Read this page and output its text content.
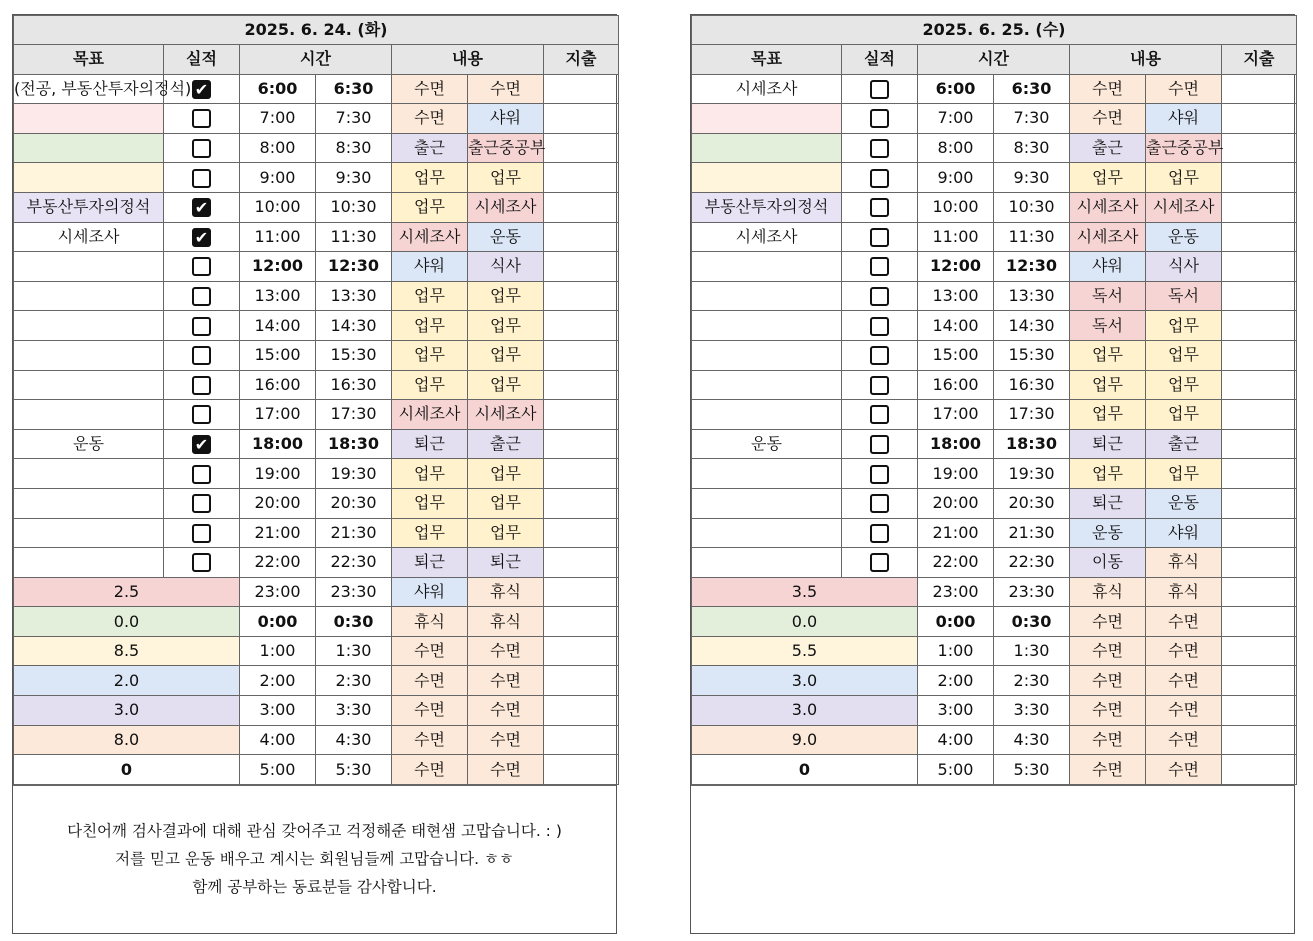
2025. 6. 24. (화)						
목표	실적	시간		내용		지출
(전공, 부동산투자의정석)	✔	6:00	6:30	수면	수면	
		7:00	7:30	수면	샤워	
		8:00	8:30	출근	출근중공부	
		9:00	9:30	업무	업무	
부동산투자의정석	✔	10:00	10:30	업무	시세조사	
시세조사	✔	11:00	11:30	시세조사	운동	
		12:00	12:30	샤워	식사	
		13:00	13:30	업무	업무	
		14:00	14:30	업무	업무	
		15:00	15:30	업무	업무	
		16:00	16:30	업무	업무	
		17:00	17:30	시세조사	시세조사	
운동	✔	18:00	18:30	퇴근	출근	
		19:00	19:30	업무	업무	
		20:00	20:30	업무	업무	
		21:00	21:30	업무	업무	
		22:00	22:30	퇴근	퇴근	
2.5		23:00	23:30	샤워	휴식	
0.0		0:00	0:30	휴식	휴식	
8.5		1:00	1:30	수면	수면	
2.0		2:00	2:30	수면	수면	
3.0		3:00	3:30	수면	수면	
8.0		4:00	4:30	수면	수면	
0		5:00	5:30	수면	수면	
다친어깨 검사결과에 대해 관심 갖어주고 걱정해준 태현샘 고맙습니다. : )
저를 믿고 운동 배우고 계시는 회원님들께 고맙습니다. ㅎㅎ
함께 공부하는 동료분들 감사합니다.
2025. 6. 25. (수)						
목표	실적	시간		내용		지출
시세조사		6:00	6:30	수면	수면	
		7:00	7:30	수면	샤워	
		8:00	8:30	출근	출근중공부	
		9:00	9:30	업무	업무	
부동산투자의정석		10:00	10:30	시세조사	시세조사	
시세조사		11:00	11:30	시세조사	운동	
		12:00	12:30	샤워	식사	
		13:00	13:30	독서	독서	
		14:00	14:30	독서	업무	
		15:00	15:30	업무	업무	
		16:00	16:30	업무	업무	
		17:00	17:30	업무	업무	
운동		18:00	18:30	퇴근	출근	
		19:00	19:30	업무	업무	
		20:00	20:30	퇴근	운동	
		21:00	21:30	운동	샤워	
		22:00	22:30	이동	휴식	
3.5		23:00	23:30	휴식	휴식	
0.0		0:00	0:30	수면	수면	
5.5		1:00	1:30	수면	수면	
3.0		2:00	2:30	수면	수면	
3.0		3:00	3:30	수면	수면	
9.0		4:00	4:30	수면	수면	
0		5:00	5:30	수면	수면	
